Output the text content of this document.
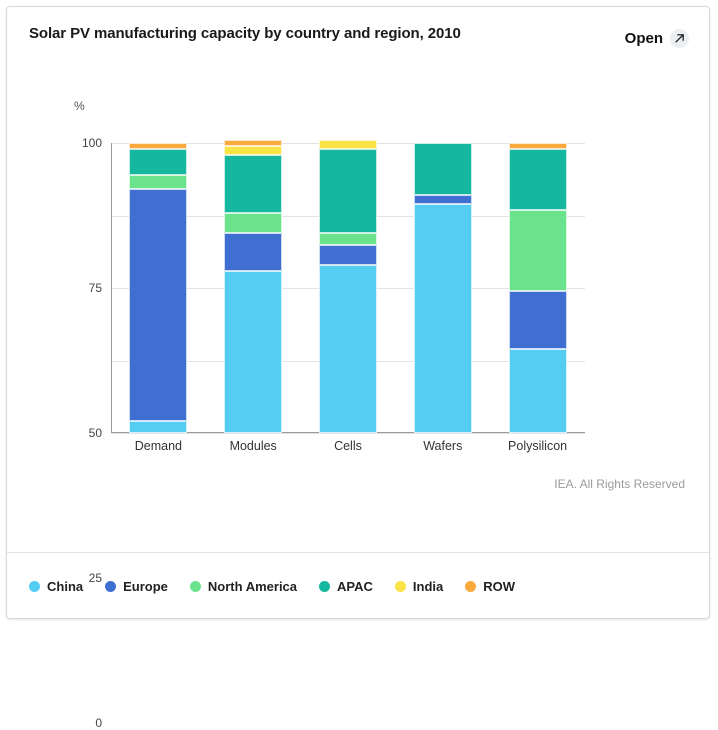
Solar PV manufacturing capacity by country and region, 2010	Open
%
0
25
50
75
100
Demand	Modules	Cells	Wafers	Polysilicon
IEA. All Rights Reserved
China	Europe	North America	APAC	India	ROW
